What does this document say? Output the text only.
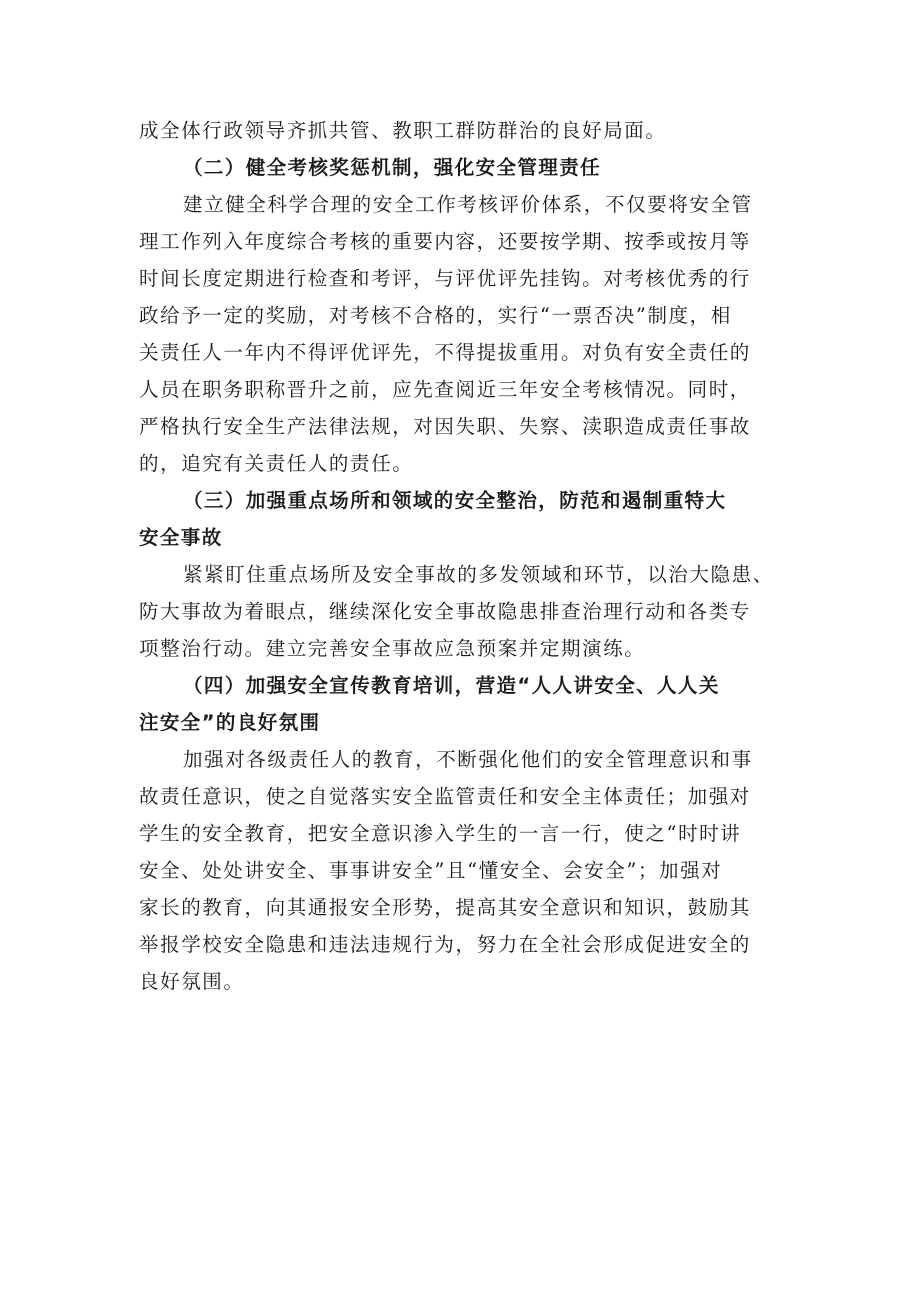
成全体行政领导齐抓共管、教职工群防群治的良好局面。
（二）健全考核奖惩机制，强化安全管理责任
建立健全科学合理的安全工作考核评价体系，不仅要将安全管
理工作列入年度综合考核的重要内容，还要按学期、按季或按月等
时间长度定期进行检查和考评，与评优评先挂钩。对考核优秀的行
政给予一定的奖励，对考核不合格的，实行“一票否决”制度，相
关责任人一年内不得评优评先，不得提拔重用。对负有安全责任的
人员在职务职称晋升之前，应先查阅近三年安全考核情况。同时，
严格执行安全生产法律法规，对因失职、失察、渎职造成责任事故
的，追究有关责任人的责任。
（三）加强重点场所和领域的安全整治，防范和遏制重特大
安全事故
紧紧盯住重点场所及安全事故的多发领域和环节，以治大隐患、
防大事故为着眼点，继续深化安全事故隐患排查治理行动和各类专
项整治行动。建立完善安全事故应急预案并定期演练。
（四）加强安全宣传教育培训，营造“人人讲安全、人人关
注安全”的良好氛围
加强对各级责任人的教育，不断强化他们的安全管理意识和事
故责任意识，使之自觉落实安全监管责任和安全主体责任；加强对
学生的安全教育，把安全意识渗入学生的一言一行，使之“时时讲
安全、处处讲安全、事事讲安全”且“懂安全、会安全”；加强对
家长的教育，向其通报安全形势，提高其安全意识和知识，鼓励其
举报学校安全隐患和违法违规行为，努力在全社会形成促进安全的
良好氛围。
